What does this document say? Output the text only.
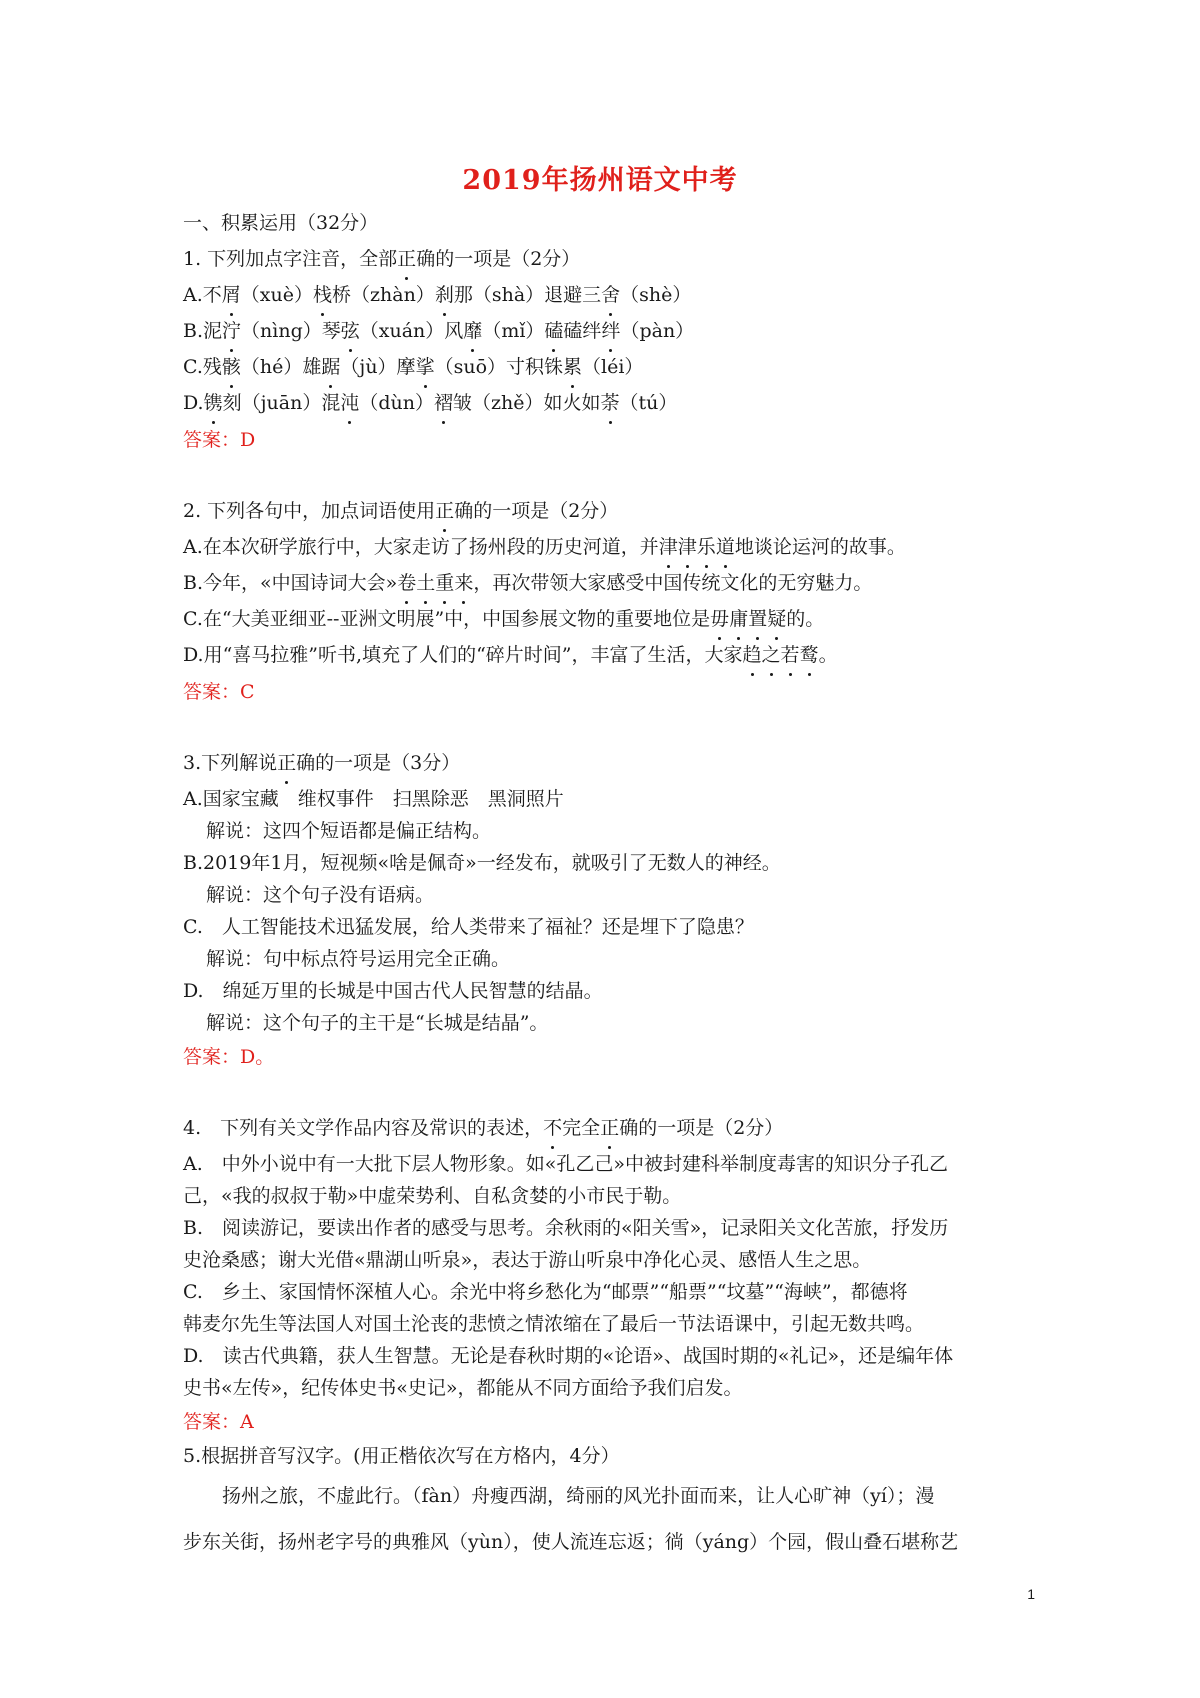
2019年扬州语文中考
一、积累运用（32分）
1. 下列加点字注音，全部正确的一项是（2分）
A.不屑（xuè）栈桥（zhàn）刹那（shà）退避三舍（shè）
B.泥泞（nìng）琴弦（xuán）风靡（mǐ）磕磕绊绊（pàn）
C.残骸（hé）雄踞（jù）摩挲（suō）寸积铢累（léi）
D.镌刻（juān）混沌（dùn）褶皱（zhě）如火如荼（tú）
答案：D
2. 下列各句中，加点词语使用正确的一项是（2分）
A.在本次研学旅行中，大家走访了扬州段的历史河道，并津津乐道地谈论运河的故事。
B.今年，«中国诗词大会»卷土重来，再次带领大家感受中国传统文化的无穷魅力。
C.在“大美亚细亚--亚洲文明展”中，中国参展文物的重要地位是毋庸置疑的。
D.用“喜马拉雅”听书,填充了人们的“碎片时间”，丰富了生活，大家趋之若鹜。
答案：C
3.下列解说正确的一项是（3分）
A.国家宝藏　维权事件　扫黑除恶　黑洞照片
解说：这四个短语都是偏正结构。
B.2019年1月，短视频«啥是佩奇»一经发布，就吸引了无数人的神经。
解说：这个句子没有语病。
C.　人工智能技术迅猛发展，给人类带来了福祉？还是埋下了隐患？
解说：句中标点符号运用完全正确。
D.　绵延万里的长城是中国古代人民智慧的结晶。
解说：这个句子的主干是“长城是结晶”。
答案：D。
4.　下列有关文学作品内容及常识的表述，不完全正确的一项是（2分）
A.　中外小说中有一大批下层人物形象。如«孔乙己»中被封建科举制度毒害的知识分子孔乙
己，«我的叔叔于勒»中虚荣势利、自私贪婪的小市民于勒。
B.　阅读游记，要读出作者的感受与思考。余秋雨的«阳关雪»，记录阳关文化苦旅，抒发历
史沧桑感；谢大光借«鼎湖山听泉»，表达于游山听泉中净化心灵、感悟人生之思。
C.　乡土、家国情怀深植人心。余光中将乡愁化为“邮票”“船票”“坟墓”“海峡”，都德将
韩麦尔先生等法国人对国土沦丧的悲愤之情浓缩在了最后一节法语课中，引起无数共鸣。
D.　读古代典籍，获人生智慧。无论是春秋时期的«论语»、战国时期的«礼记»，还是编年体
史书«左传»，纪传体史书«史记»，都能从不同方面给予我们启发。
答案：A
5.根据拼音写汉字。(用正楷依次写在方格内，4分）
扬州之旅，不虚此行。（fàn）舟瘦西湖，绮丽的风光扑面而来，让人心旷神（yí）；漫
步东关街，扬州老字号的典雅风（yùn），使人流连忘返；徜（yáng）个园，假山叠石堪称艺
1
